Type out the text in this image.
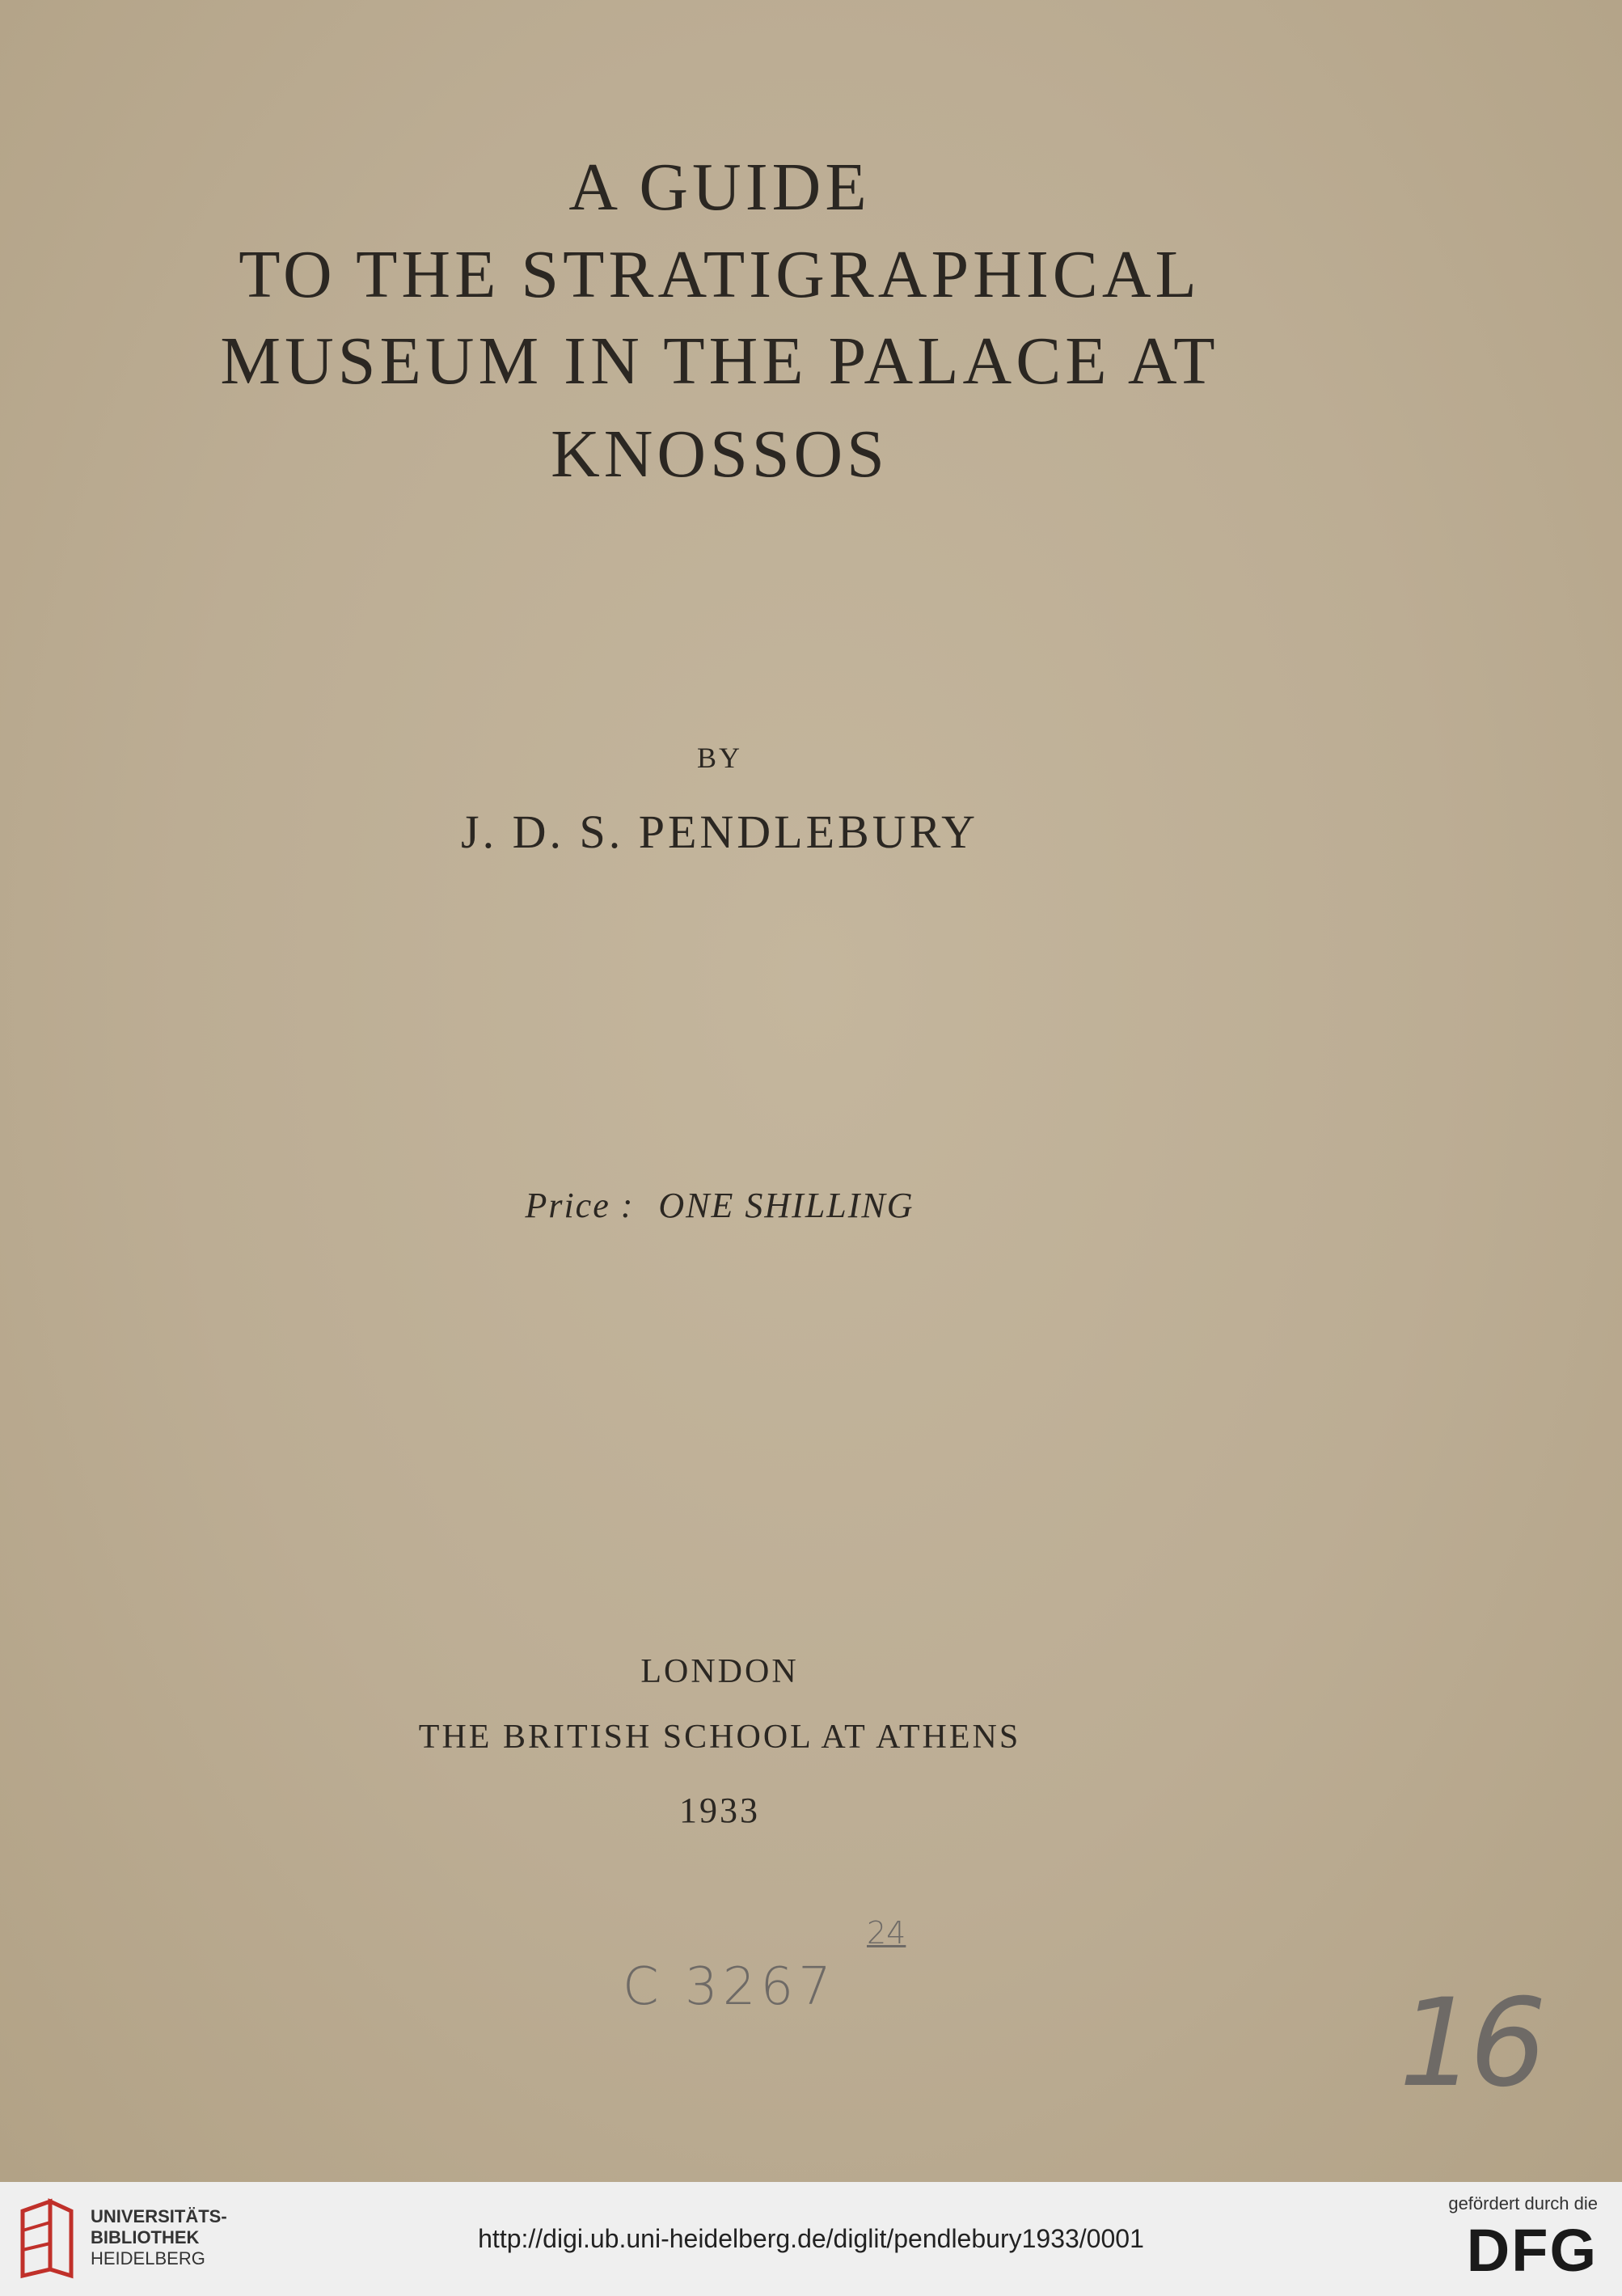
A GUIDE
TO THE STRATIGRAPHICAL
MUSEUM IN THE PALACE AT
KNOSSOS
BY
J. D. S. PENDLEBURY
Price : ONE SHILLING
LONDON
THE BRITISH SCHOOL AT ATHENS
1933
C 3267
24
16
UNIVERSITÄTS-
BIBLIOTHEK
HEIDELBERG
http://digi.ub.uni-heidelberg.de/diglit/pendlebury1933/0001
gefördert durch die
DFG
